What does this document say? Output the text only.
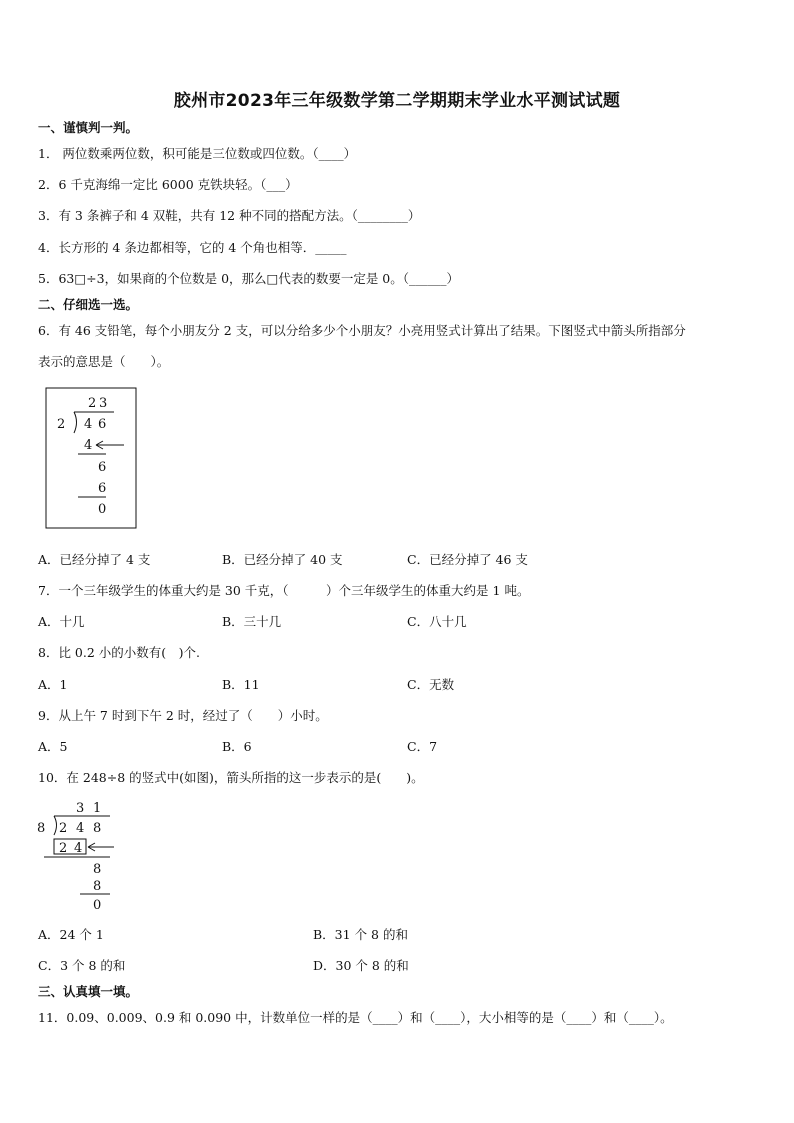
胶州市2023年三年级数学第二学期期末学业水平测试试题
一、谨慎判一判。
1． 两位数乘两位数，积可能是三位数或四位数。（____）
2．6 千克海绵一定比 6000 克铁块轻。（___）
3．有 3 条裤子和 4 双鞋，共有 12 种不同的搭配方法。（________）
4．长方形的 4 条边都相等，它的 4 个角也相等．_____
5．63□÷3，如果商的个位数是 0，那么□代表的数要一定是 0。（______）
二、仔细选一选。
6．有 46 支铅笔，每个小朋友分 2 支，可以分给多少个小朋友？小亮用竖式计算出了结果。下图竖式中箭头所指部分
表示的意思是（　　）。
2 3
2 4 6
4
6
6
0
A．已经分掉了 4 支	B．已经分掉了 40 支	C．已经分掉了 46 支
7．一个三年级学生的体重大约是 30 千克，（　　　）个三年级学生的体重大约是 1 吨。
A．十几	B．三十几	C．八十几
8．比 0.2 小的小数有(　)个.
A．1	B．11	C．无数
9．从上午 7 时到下午 2 时，经过了（　　）小时。
A．5	B．6	C．7
10．在 248÷8 的竖式中(如图)，箭头所指的这一步表示的是(　　)。
3 1
8 2 4 8
2 4
8
8
0
A．24 个 1	B．31 个 8 的和
C．3 个 8 的和	D．30 个 8 的和
三、认真填一填。
11．0.09、0.009、0.9 和 0.090 中，计数单位一样的是（____）和（____），大小相等的是（____）和（____）。
